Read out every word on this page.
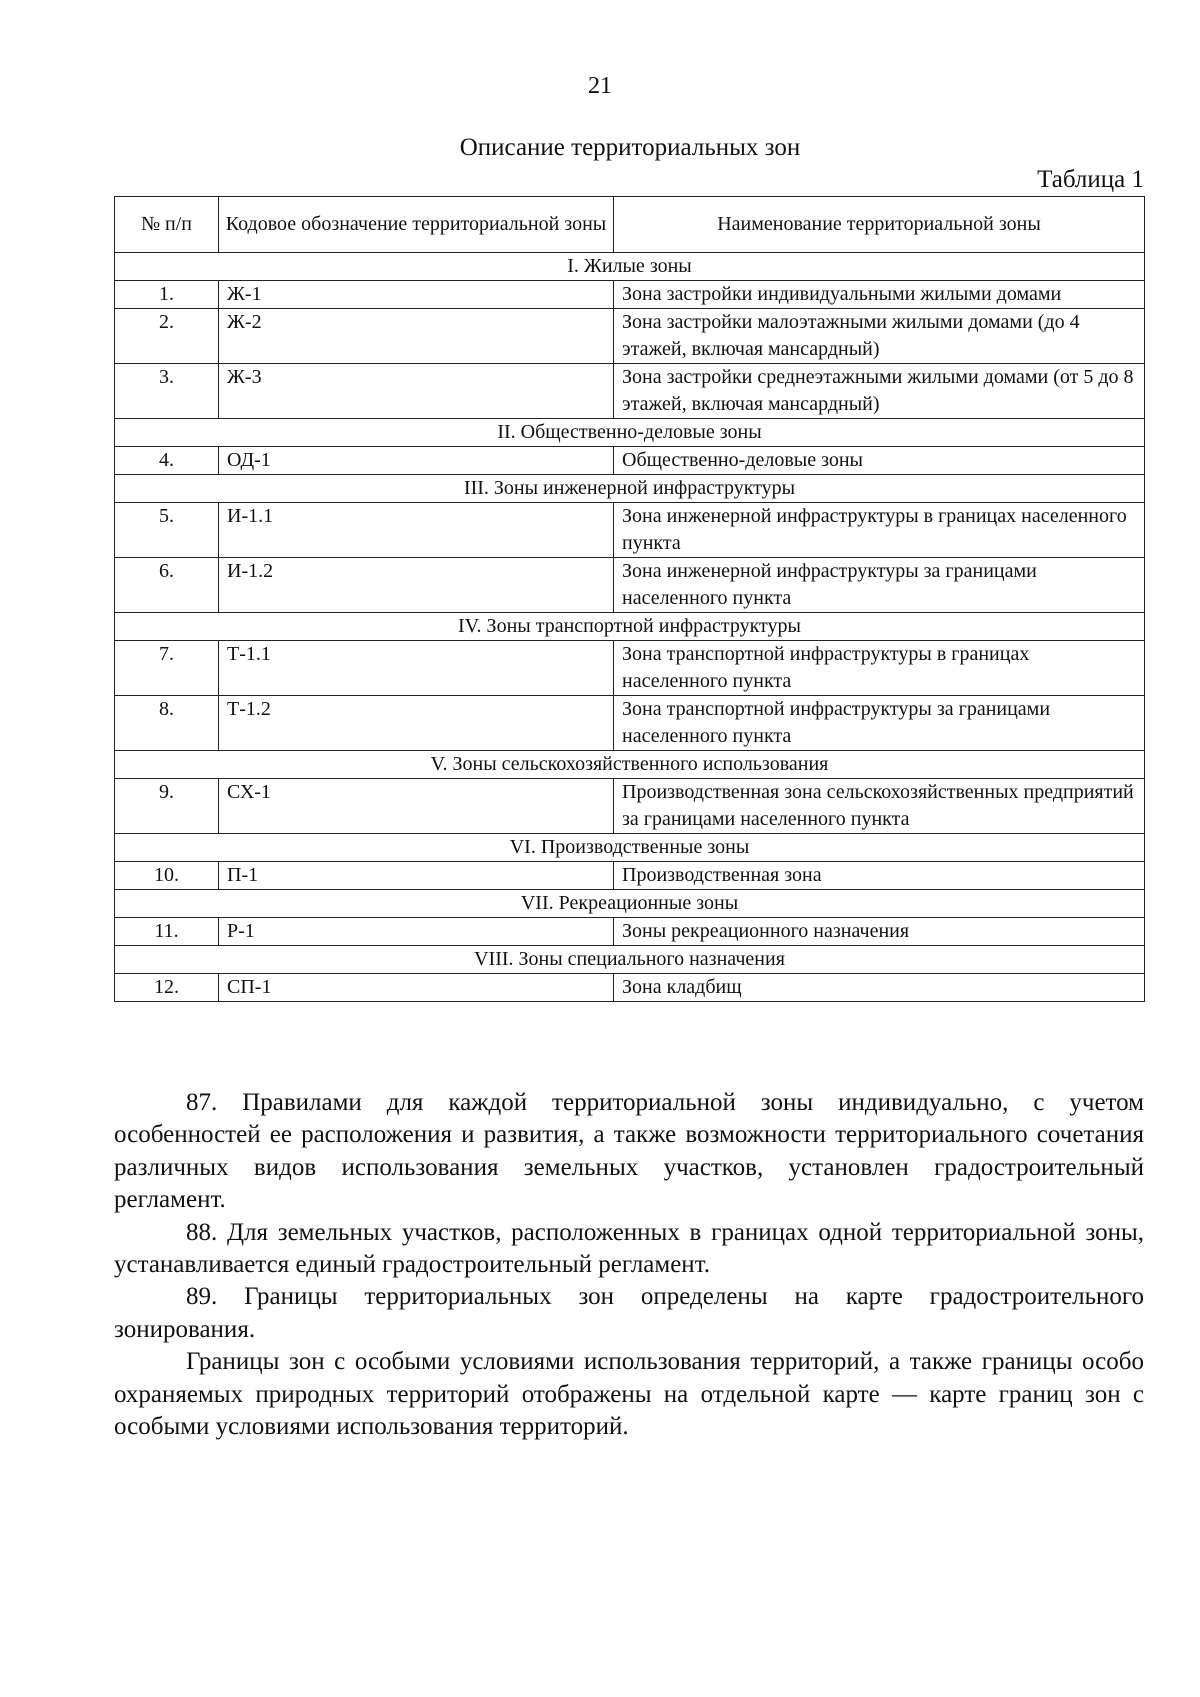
21
Описание территориальных зон
Таблица 1
№ п/п	Кодовое обозначение территориальной зоны	Наименование территориальной зоны
I. Жилые зоны		
1.	Ж-1	Зона застройки индивидуальными жилыми домами
2.	Ж-2	Зона застройки малоэтажными жилыми домами (до 4 этажей, включая мансардный)
3.	Ж-3	Зона застройки среднеэтажными жилыми домами (от 5 до 8 этажей, включая мансардный)
II. Общественно-деловые зоны		
4.	ОД-1	Общественно-деловые зоны
III. Зоны инженерной инфраструктуры		
5.	И-1.1	Зона инженерной инфраструктуры в границах населенного пункта
6.	И-1.2	Зона инженерной инфраструктуры за границами населенного пункта
IV. Зоны транспортной инфраструктуры		
7.	Т-1.1	Зона транспортной инфраструктуры в границах населенного пункта
8.	Т-1.2	Зона транспортной инфраструктуры за границами населенного пункта
V. Зоны сельскохозяйственного использования		
9.	СХ-1	Производственная зона сельскохозяйственных предприятий за границами населенного пункта
VI. Производственные зоны		
10.	П-1	Производственная зона
VII. Рекреационные зоны		
11.	Р-1	Зоны рекреационного назначения
VIII. Зоны специального назначения		
12.	СП-1	Зона кладбищ

87. Правилами для каждой территориальной зоны индивидуально, с учетом особенностей ее расположения и развития, а также возможности территориального сочетания различных видов использования земельных участков, установлен градостроительный регламент.

88. Для земельных участков, расположенных в границах одной территориальной зоны, устанавливается единый градостроительный регламент.

89. Границы территориальных зон определены на карте градостроительного зонирования.

Границы зон с особыми условиями использования территорий, а также границы особо охраняемых природных территорий отображены на отдельной карте — карте границ зон с особыми условиями использования территорий.
